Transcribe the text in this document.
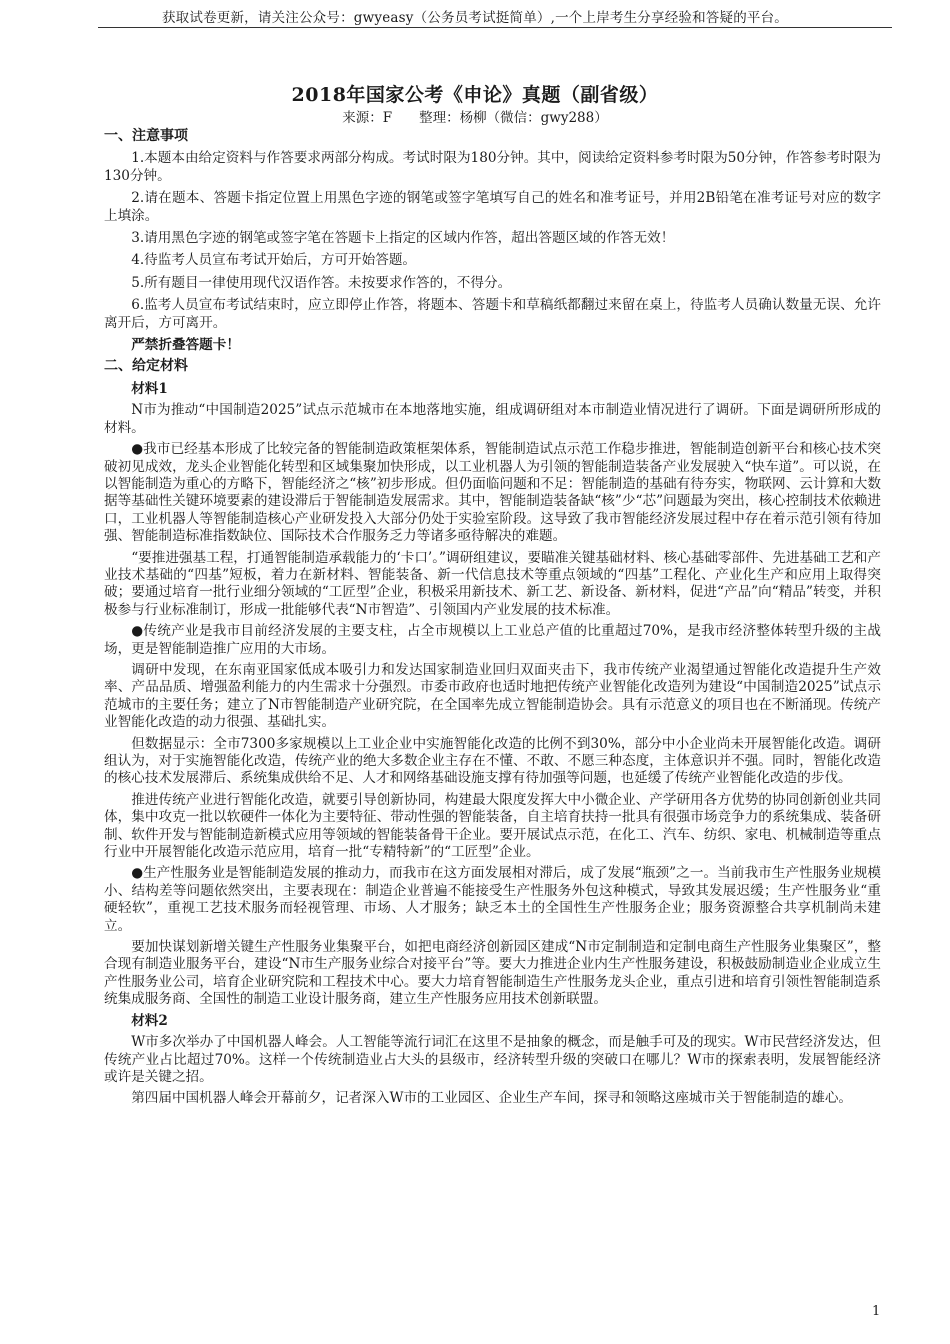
获取试卷更新，请关注公众号：gwyeasy（公务员考试挺简单）,一个上岸考生分享经验和答疑的平台。
2018年国家公考《申论》真题（副省级）
来源：F　　整理：杨柳（微信：gwy288）
一、注意事项

1.本题本由给定资料与作答要求两部分构成。考试时限为180分钟。其中，阅读给定资料参考时限为50分钟，作答参考时限为130分钟。

2.请在题本、答题卡指定位置上用黑色字迹的钢笔或签字笔填写自己的姓名和准考证号，并用2B铅笔在准考证号对应的数字上填涂。

3.请用黑色字迹的钢笔或签字笔在答题卡上指定的区域内作答，超出答题区域的作答无效！

4.待监考人员宣布考试开始后，方可开始答题。

5.所有题目一律使用现代汉语作答。未按要求作答的，不得分。

6.监考人员宣布考试结束时，应立即停止作答，将题本、答题卡和草稿纸都翻过来留在桌上，待监考人员确认数量无误、允许离开后，方可离开。

严禁折叠答题卡！

二、给定材料

材料1

N市为推动“中国制造2025”试点示范城市在本地落地实施，组成调研组对本市制造业情况进行了调研。下面是调研所形成的材料。

●我市已经基本形成了比较完备的智能制造政策框架体系，智能制造试点示范工作稳步推进，智能制造创新平台和核心技术突破初见成效，龙头企业智能化转型和区域集聚加快形成，以工业机器人为引领的智能制造装备产业发展驶入“快车道”。可以说，在以智能制造为重心的方略下，智能经济之“核”初步形成。但仍面临问题和不足：智能制造的基础有待夯实，物联网、云计算和大数据等基础性关键环境要素的建设滞后于智能制造发展需求。其中，智能制造装备缺“核”少“芯”问题最为突出，核心控制技术依赖进口，工业机器人等智能制造核心产业研发投入大部分仍处于实验室阶段。这导致了我市智能经济发展过程中存在着示范引领有待加强、智能制造标准指数缺位、国际技术合作服务乏力等诸多亟待解决的难题。

“要推进强基工程，打通智能制造承载能力的‘卡口’。”调研组建议，要瞄准关键基础材料、核心基础零部件、先进基础工艺和产业技术基础的“四基”短板，着力在新材料、智能装备、新一代信息技术等重点领域的“四基”工程化、产业化生产和应用上取得突破；要通过培育一批行业细分领域的“工匠型”企业，积极采用新技术、新工艺、新设备、新材料，促进“产品”向“精品”转变，并积极参与行业标准制订，形成一批能够代表“N市智造”、引领国内产业发展的技术标准。

●传统产业是我市目前经济发展的主要支柱，占全市规模以上工业总产值的比重超过70%，是我市经济整体转型升级的主战场，更是智能制造推广应用的大市场。

调研中发现，在东南亚国家低成本吸引力和发达国家制造业回归双面夹击下，我市传统产业渴望通过智能化改造提升生产效率、产品品质、增强盈利能力的内生需求十分强烈。市委市政府也适时地把传统产业智能化改造列为建设“中国制造2025”试点示范城市的主要任务；建立了N市智能制造产业研究院，在全国率先成立智能制造协会。具有示范意义的项目也在不断涌现。传统产业智能化改造的动力很强、基础扎实。

但数据显示：全市7300多家规模以上工业企业中实施智能化改造的比例不到30%，部分中小企业尚未开展智能化改造。调研组认为，对于实施智能化改造，传统产业的绝大多数企业主存在不懂、不敢、不愿三种态度，主体意识并不强。同时，智能化改造的核心技术发展滞后、系统集成供给不足、人才和网络基础设施支撑有待加强等问题，也延缓了传统产业智能化改造的步伐。

推进传统产业进行智能化改造，就要引导创新协同，构建最大限度发挥大中小微企业、产学研用各方优势的协同创新创业共同体，集中攻克一批以软硬件一体化为主要特征、带动性强的智能装备，自主培育扶持一批具有很强市场竞争力的系统集成、装备研制、软件开发与智能制造新模式应用等领域的智能装备骨干企业。要开展试点示范，在化工、汽车、纺织、家电、机械制造等重点行业中开展智能化改造示范应用，培育一批“专精特新”的“工匠型”企业。

●生产性服务业是智能制造发展的推动力，而我市在这方面发展相对滞后，成了发展“瓶颈”之一。当前我市生产性服务业规模小、结构差等问题依然突出，主要表现在：制造企业普遍不能接受生产性服务外包这种模式，导致其发展迟缓；生产性服务业“重硬轻软”，重视工艺技术服务而轻视管理、市场、人才服务；缺乏本土的全国性生产性服务企业；服务资源整合共享机制尚未建立。

要加快谋划新增关键生产性服务业集聚平台，如把电商经济创新园区建成“N市定制制造和定制电商生产性服务业集聚区”，整合现有制造业服务平台，建设“N市生产服务业综合对接平台”等。要大力推进企业内生产性服务建设，积极鼓励制造业企业成立生产性服务业公司，培育企业研究院和工程技术中心。要大力培育智能制造生产性服务龙头企业，重点引进和培育引领性智能制造系统集成服务商、全国性的制造工业设计服务商，建立生产性服务应用技术创新联盟。

材料2

W市多次举办了中国机器人峰会。人工智能等流行词汇在这里不是抽象的概念，而是触手可及的现实。W市民营经济发达，但传统产业占比超过70%。这样一个传统制造业占大头的县级市，经济转型升级的突破口在哪儿？W市的探索表明，发展智能经济或许是关键之招。

第四届中国机器人峰会开幕前夕，记者深入W市的工业园区、企业生产车间，探寻和领略这座城市关于智能制造的雄心。

1
